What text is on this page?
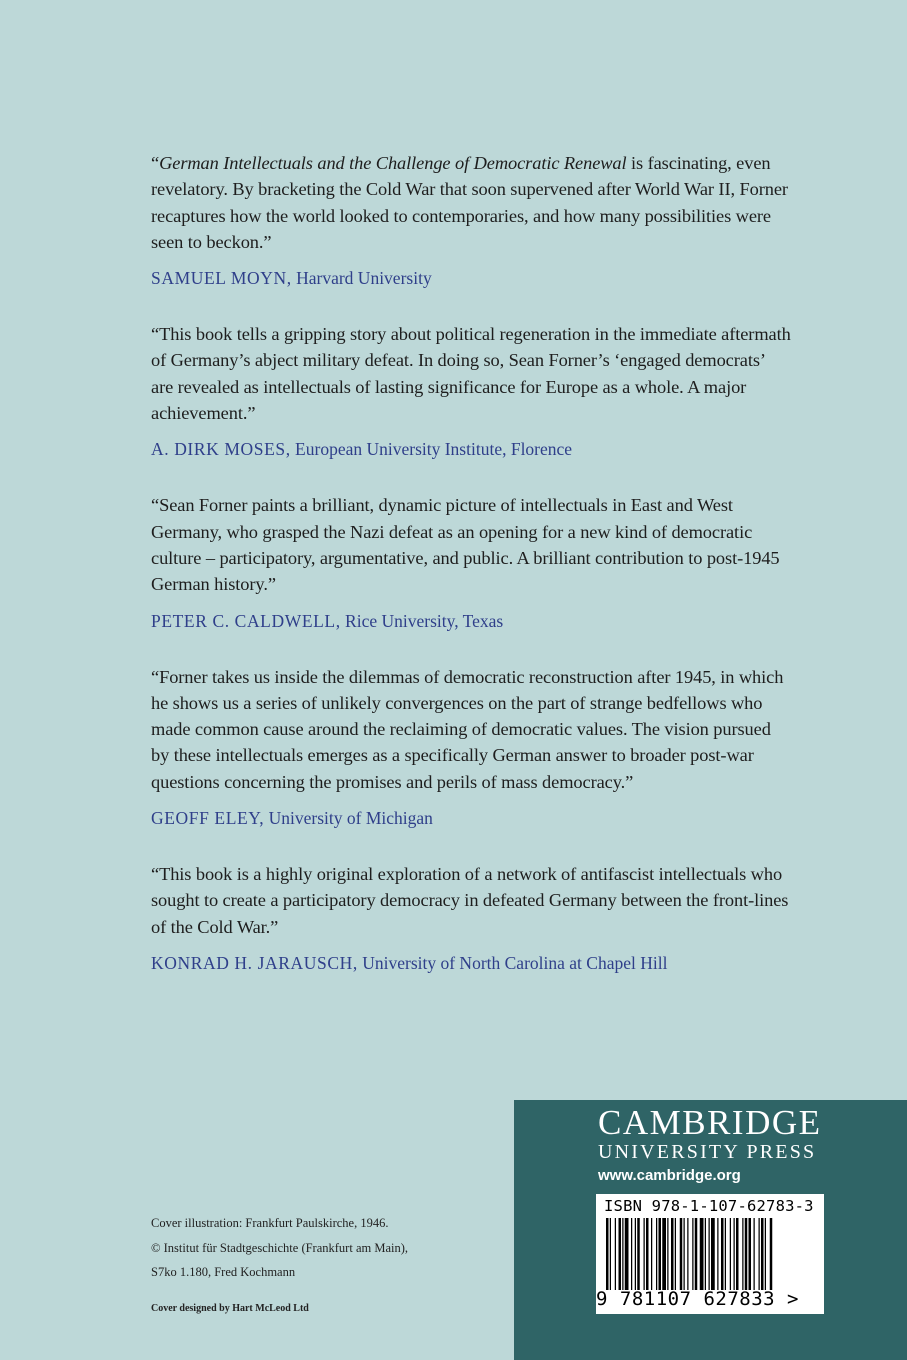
“German Intellectuals and the Challenge of Democratic Renewal is fascinating, even revelatory. By bracketing the Cold War that soon supervened after World War II, Forner recaptures how the world looked to contemporaries, and how many possibilities were seen to beckon.”

SAMUEL MOYN, Harvard University

“This book tells a gripping story about political regeneration in the immediate aftermath of Germany’s abject military defeat. In doing so, Sean Forner’s ‘engaged democrats’ are revealed as intellectuals of lasting significance for Europe as a whole. A major achievement.”

A. DIRK MOSES, European University Institute, Florence

“Sean Forner paints a brilliant, dynamic picture of intellectuals in East and West Germany, who grasped the Nazi defeat as an opening for a new kind of democratic culture – participatory, argumentative, and public. A brilliant contribution to post-1945 German history.”

PETER C. CALDWELL, Rice University, Texas

“Forner takes us inside the dilemmas of democratic reconstruction after 1945, in which he shows us a series of unlikely convergences on the part of strange bedfellows who made common cause around the reclaiming of democratic values. The vision pursued by these intellectuals emerges as a specifically German answer to broader post-war questions concerning the promises and perils of mass democracy.”

GEOFF ELEY, University of Michigan

“This book is a highly original exploration of a network of antifascist intellectuals who sought to create a participatory democracy in defeated Germany between the front-lines of the Cold War.”

KONRAD H. JARAUSCH, University of North Carolina at Chapel Hill
Cover illustration: Frankfurt Paulskirche, 1946.
© Institut für Stadtgeschichte (Frankfurt am Main),
S7ko 1.180, Fred Kochmann
Cover designed by Hart McLeod Ltd
CAMBRIDGE
UNIVERSITY PRESS
www.cambridge.org
ISBN 978-1-107-62783-3
9 781107 627833 >
